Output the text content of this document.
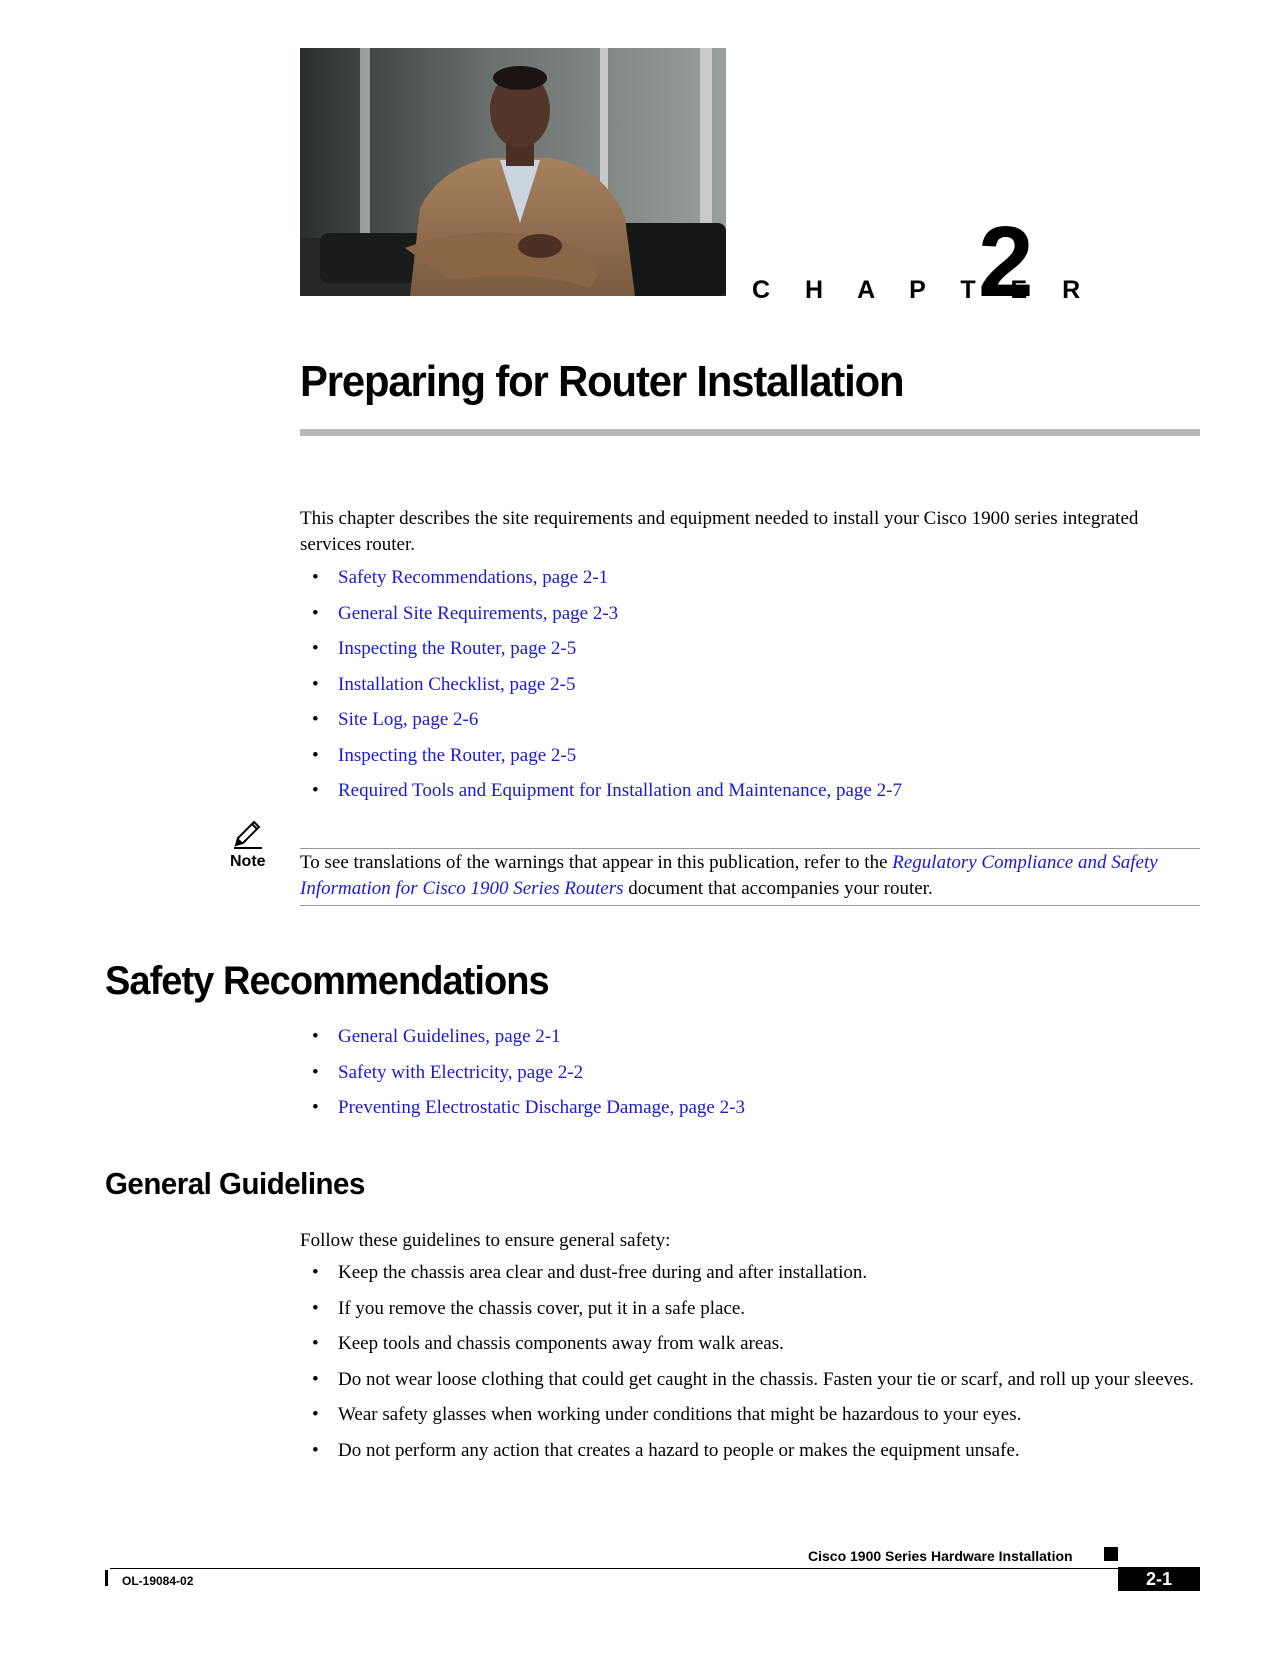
C H A P T E R
2
Preparing for Router Installation

This chapter describes the site requirements and equipment needed to install your Cisco 1900 series integrated services router.

• Safety Recommendations, page 2-1
• General Site Requirements, page 2-3
• Inspecting the Router, page 2-5
• Installation Checklist, page 2-5
• Site Log, page 2-6
• Inspecting the Router, page 2-5
• Required Tools and Equipment for Installation and Maintenance, page 2-7
Note To see translations of the warnings that appear in this publication, refer to the Regulatory Compliance and Safety Information for Cisco 1900 Series Routers document that accompanies your router.

Safety Recommendations
• General Guidelines, page 2-1
• Safety with Electricity, page 2-2
• Preventing Electrostatic Discharge Damage, page 2-3
General Guidelines

Follow these guidelines to ensure general safety:

• Keep the chassis area clear and dust-free during and after installation.
• If you remove the chassis cover, put it in a safe place.
• Keep tools and chassis components away from walk areas.
• Do not wear loose clothing that could get caught in the chassis. Fasten your tie or scarf, and roll up your sleeves.
• Wear safety glasses when working under conditions that might be hazardous to your eyes.
• Do not perform any action that creates a hazard to people or makes the equipment unsafe.
Cisco 1900 Series Hardware Installation
OL-19084-02	2-1
